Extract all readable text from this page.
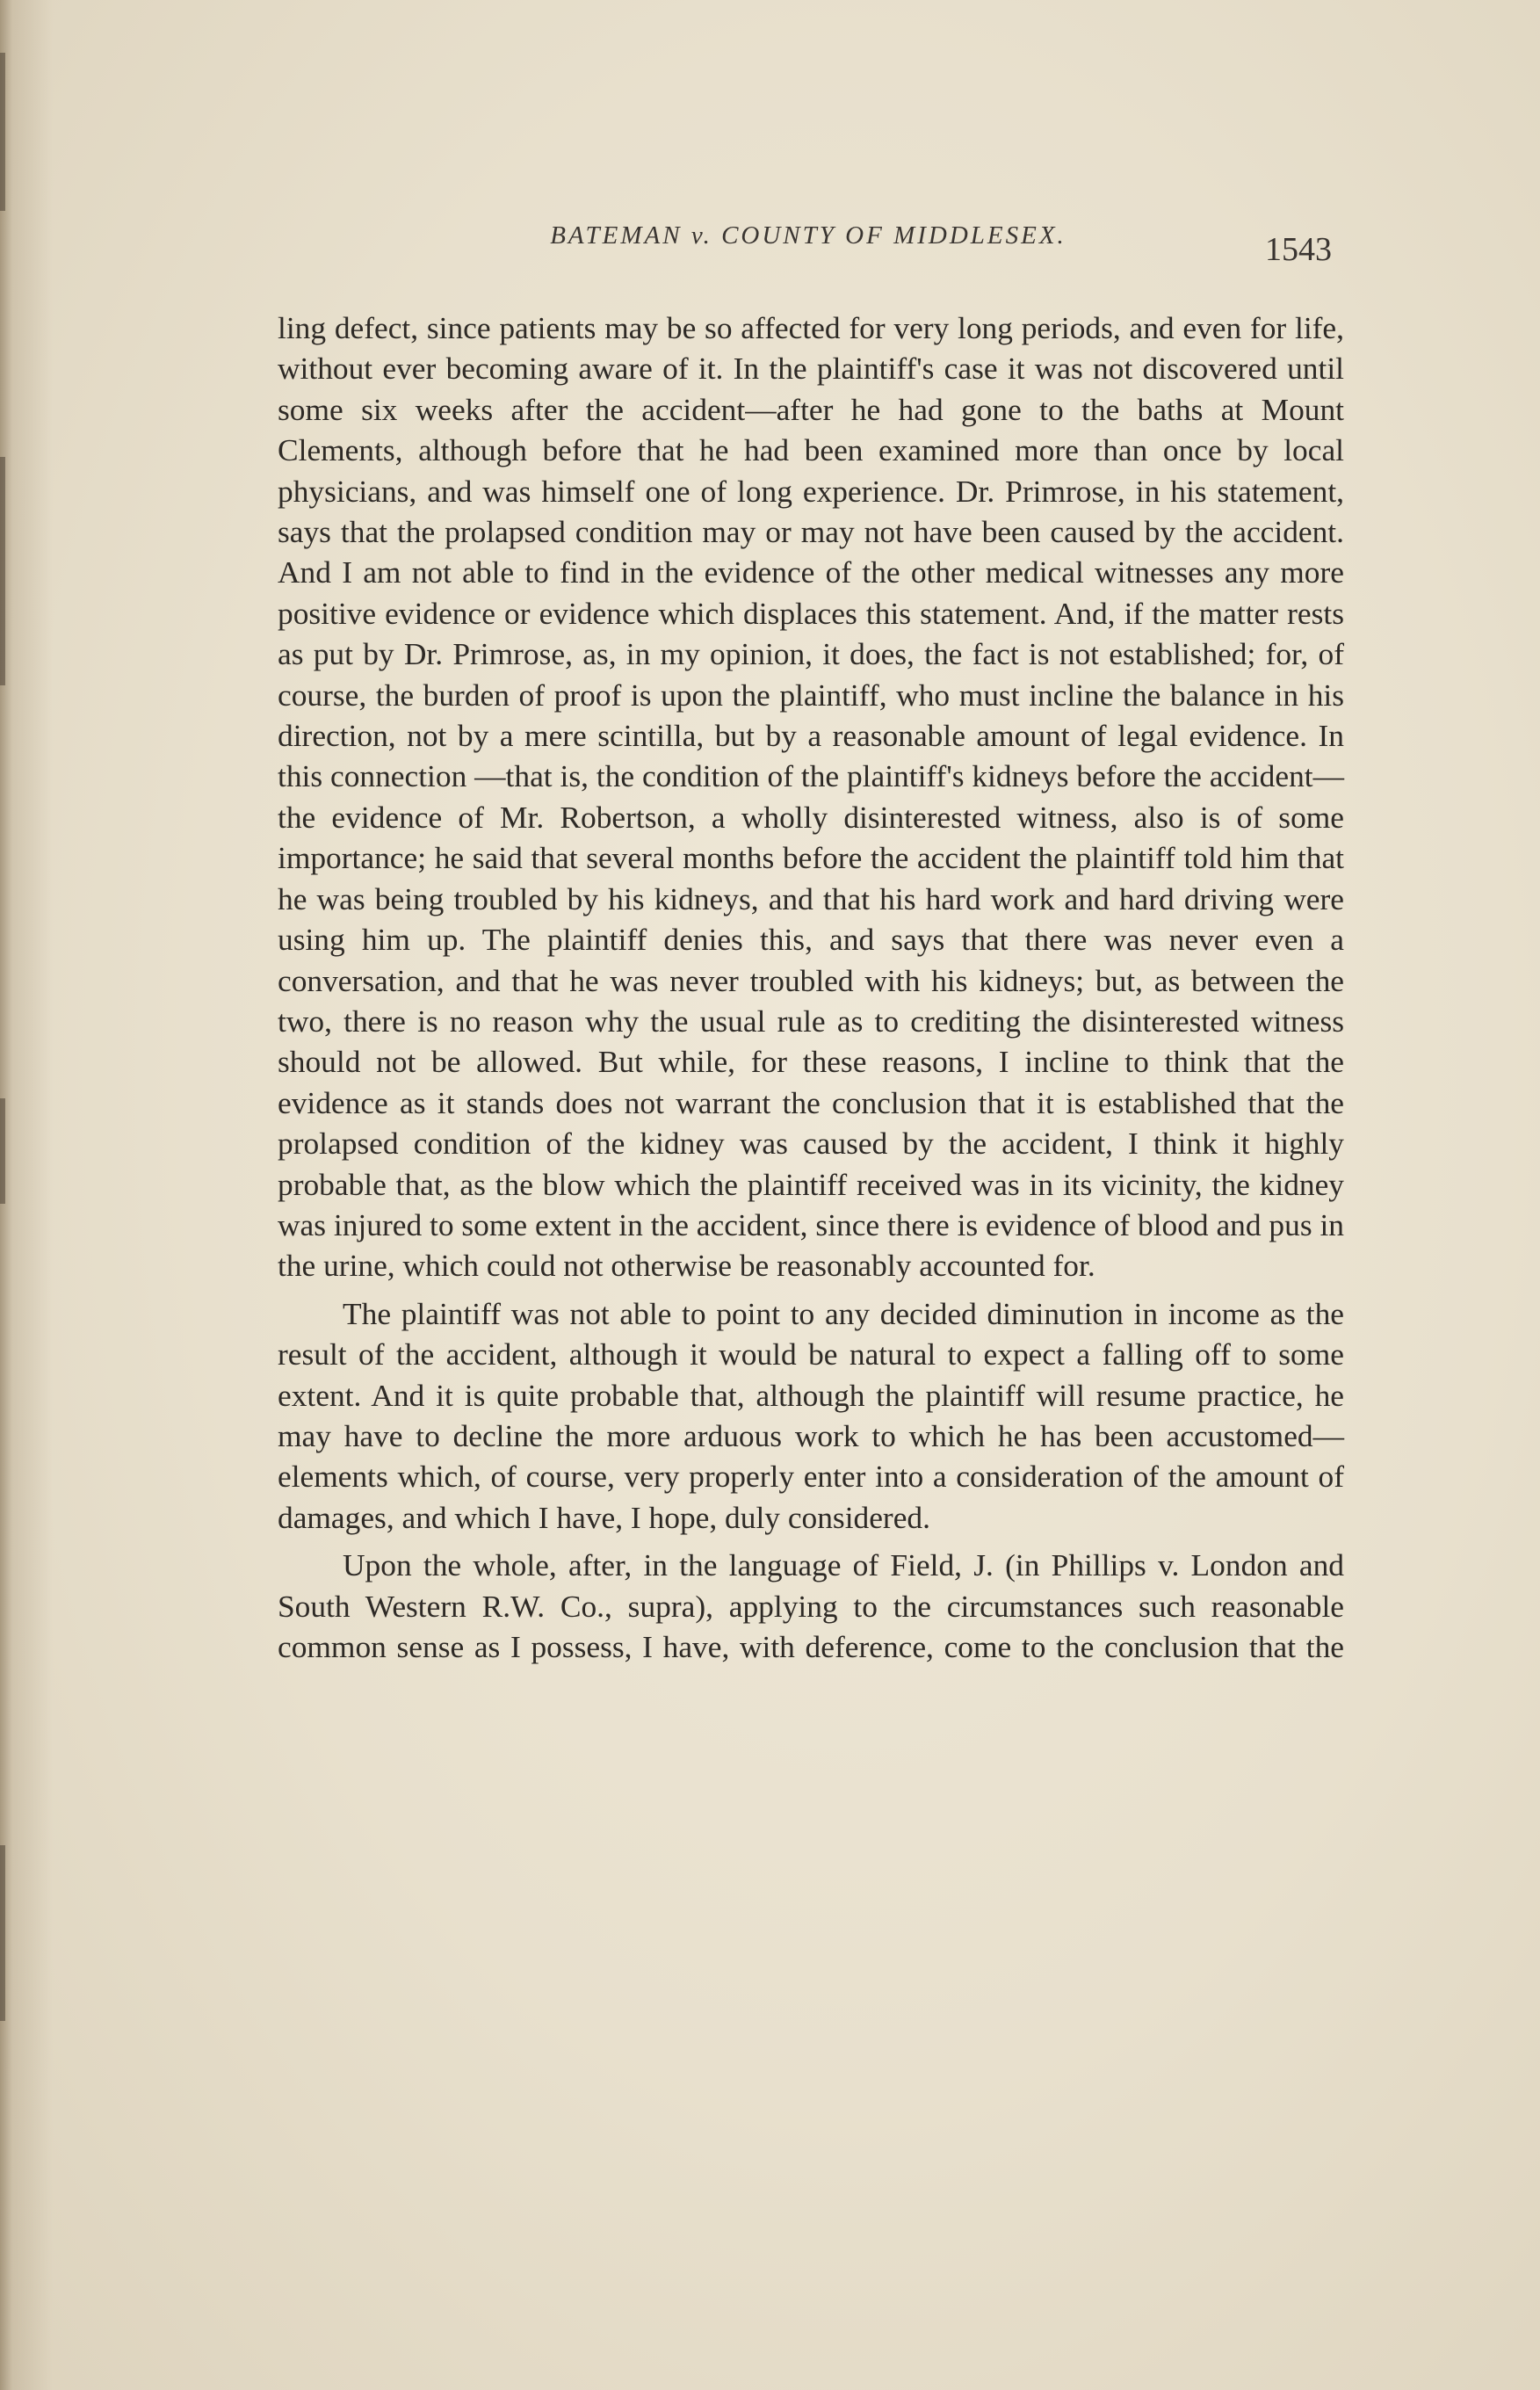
BATEMAN v. COUNTY OF MIDDLESEX.	1543

ling defect, since patients may be so affected for very long periods, and even for life, without ever becoming aware of it. In the plaintiff's case it was not discovered until some six weeks after the accident—after he had gone to the baths at Mount Clements, although before that he had been examined more than once by local physicians, and was himself one of long experience. Dr. Primrose, in his statement, says that the prolapsed condition may or may not have been caused by the accident. And I am not able to find in the evidence of the other medical witnesses any more positive evidence or evidence which displaces this statement. And, if the matter rests as put by Dr. Primrose, as, in my opinion, it does, the fact is not established; for, of course, the burden of proof is upon the plaintiff, who must incline the balance in his direction, not by a mere scintilla, but by a reasonable amount of legal evidence. In this connection —that is, the condition of the plaintiff's kidneys before the accident—the evidence of Mr. Robertson, a wholly disinterested witness, also is of some importance; he said that several months before the accident the plaintiff told him that he was being troubled by his kidneys, and that his hard work and hard driving were using him up. The plaintiff denies this, and says that there was never even a conversation, and that he was never troubled with his kidneys; but, as between the two, there is no reason why the usual rule as to crediting the disinterested witness should not be allowed. But while, for these reasons, I incline to think that the evidence as it stands does not warrant the conclusion that it is established that the prolapsed condition of the kidney was caused by the accident, I think it highly probable that, as the blow which the plaintiff received was in its vicinity, the kidney was injured to some extent in the accident, since there is evidence of blood and pus in the urine, which could not otherwise be reasonably accounted for.

The plaintiff was not able to point to any decided diminution in income as the result of the accident, although it would be natural to expect a falling off to some extent. And it is quite probable that, although the plaintiff will resume practice, he may have to decline the more arduous work to which he has been accustomed—elements which, of course, very properly enter into a consideration of the amount of damages, and which I have, I hope, duly considered.

Upon the whole, after, in the language of Field, J. (in Phillips v. London and South Western R.W. Co., supra), applying to the circumstances such reasonable common sense as I possess, I have, with deference, come to the conclusion that the
